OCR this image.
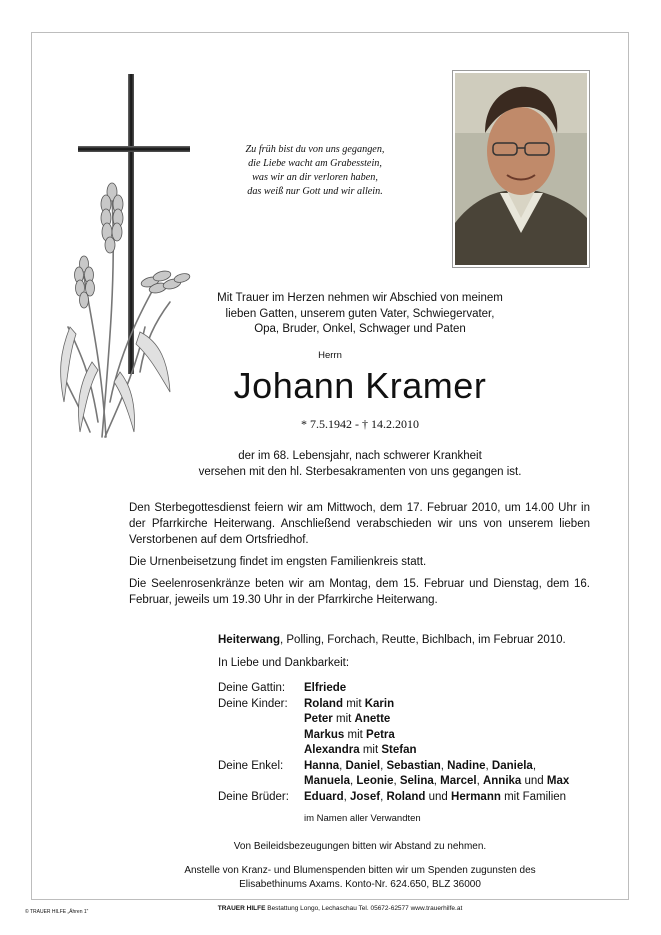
Zu früh bist du von uns gegangen,
die Liebe wacht am Grabesstein,
was wir an dir verloren haben,
das weiß nur Gott und wir allein.
Mit Trauer im Herzen nehmen wir Abschied von meinem
lieben Gatten, unserem guten Vater, Schwiegervater,
Opa, Bruder, Onkel, Schwager und Paten
Herrn
Johann Kramer
* 7.5.1942 - † 14.2.2010
der im 68. Lebensjahr, nach schwerer Krankheit
versehen mit den hl. Sterbesakramenten von uns gegangen ist.

Den Sterbegottesdienst feiern wir am Mittwoch, dem 17. Februar 2010, um 14.00 Uhr in der Pfarrkirche Heiterwang. Anschließend verabschieden wir uns von unserem lieben Verstorbenen auf dem Ortsfriedhof.

Die Urnenbeisetzung findet im engsten Familienkreis statt.

Die Seelenrosenkränze beten wir am Montag, dem 15. Februar und Dienstag, dem 16. Februar, jeweils um 19.30 Uhr in der Pfarrkirche Heiterwang.

Heiterwang, Polling, Forchach, Reutte, Bichlbach, im Februar 2010.
In Liebe und Dankbarkeit:
Deine Gattin:	Elfriede
Deine Kinder:	Roland mit Karin
Peter mit Anette
Markus mit Petra
Alexandra mit Stefan
Deine Enkel:	Hanna, Daniel, Sebastian, Nadine, Daniela,
Manuela, Leonie, Selina, Marcel, Annika und Max
Deine Brüder:	Eduard, Josef, Roland und Hermann mit Familien
im Namen aller Verwandten
Von Beileidsbezeugungen bitten wir Abstand zu nehmen.
Anstelle von Kranz- und Blumenspenden bitten wir um Spenden zugunsten des
Elisabethinums Axams. Konto-Nr. 624.650, BLZ 36000
© TRAUER HILFE „Ähren 1“	TRAUER HILFE Bestattung Longo, Lechaschau Tel. 05672-62577 www.trauerhilfe.at
